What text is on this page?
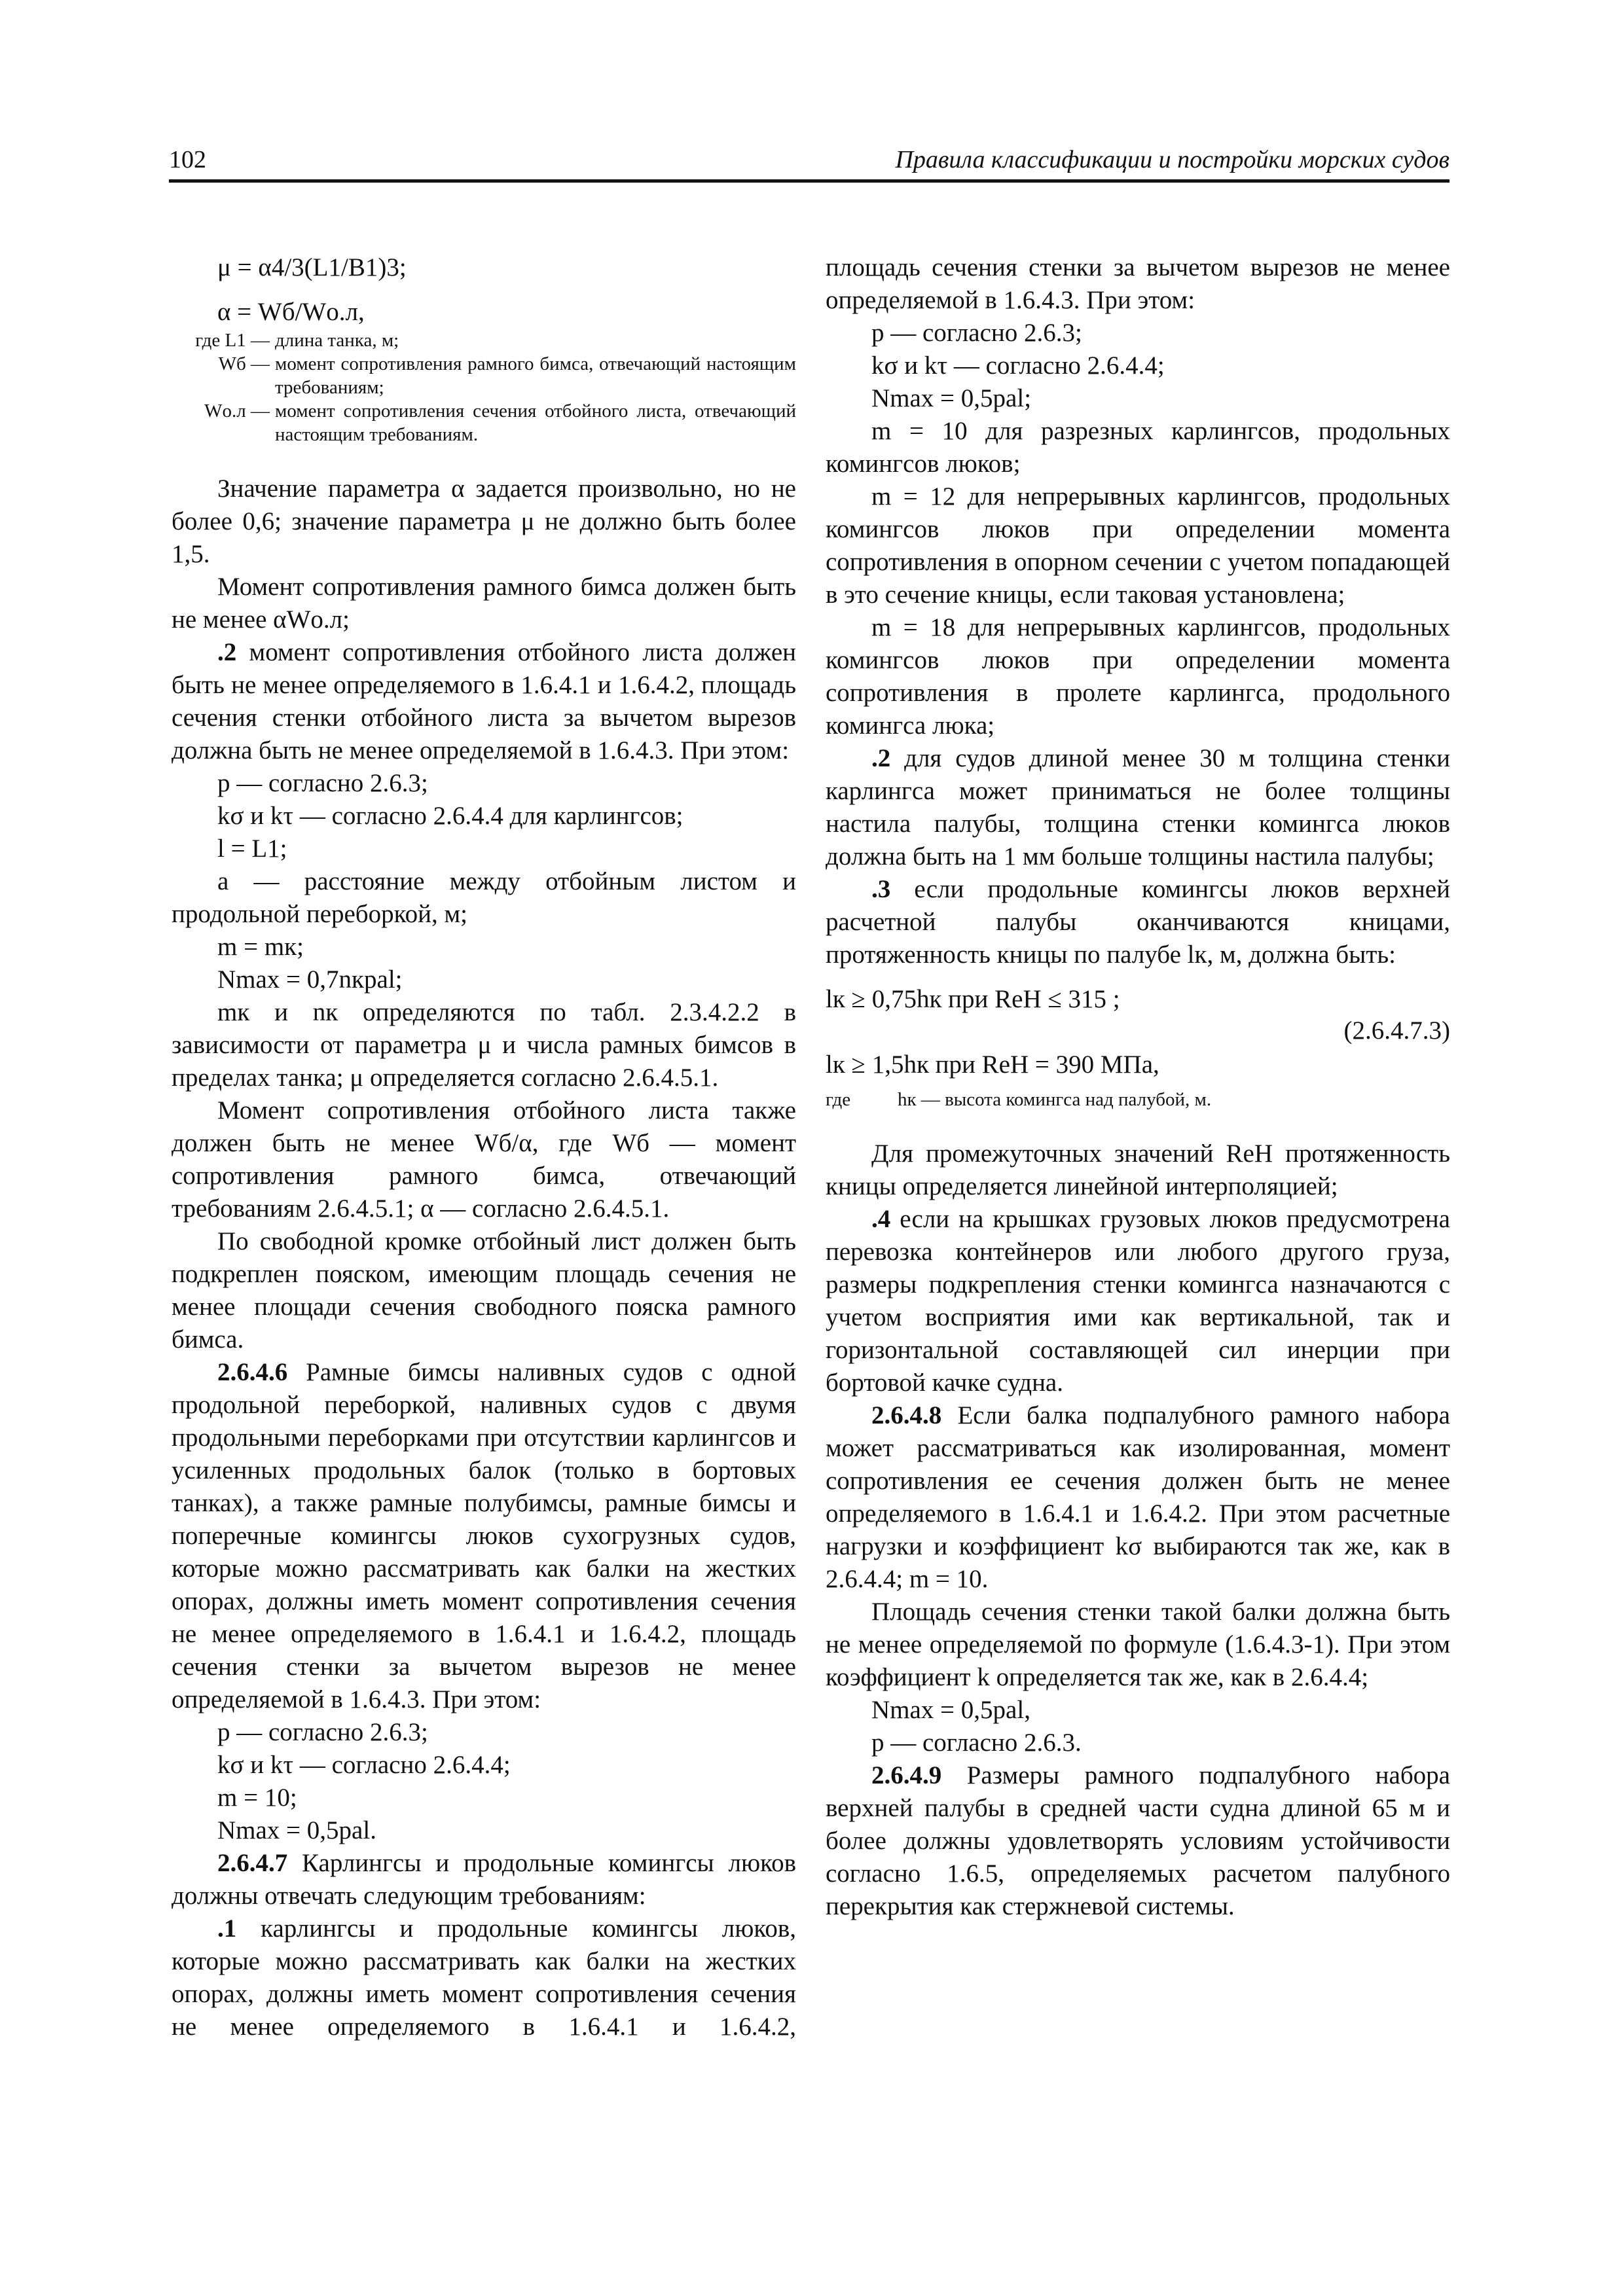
102	Правила классификации и постройки морских судов

μ = α4/3(L1/B1)3;

α = Wб/Wо.л,

где L1 — длина танка, м;
Wб — момент сопротивления рамного бимса, отвечающий настоящим требованиям;
Wо.л — момент сопротивления сечения отбойного листа, отвечающий настоящим требованиям.

Значение параметра α задается произвольно, но не более 0,6; значение параметра μ не должно быть более 1,5.

Момент сопротивления рамного бимса должен быть не менее αWо.л;

.2 момент сопротивления отбойного листа должен быть не менее определяемого в 1.6.4.1 и 1.6.4.2, площадь сечения стенки отбойного листа за вычетом вырезов должна быть не менее определяемой в 1.6.4.3. При этом:

p — согласно 2.6.3;

kσ и kτ — согласно 2.6.4.4 для карлингсов;

l = L1;

a — расстояние между отбойным листом и продольной переборкой, м;

m = mк;

Nmax = 0,7nкpal;

mк и nк определяются по табл. 2.3.4.2.2 в зависимости от параметра μ и числа рамных бимсов в пределах танка; μ определяется согласно 2.6.4.5.1.

Момент сопротивления отбойного листа также должен быть не менее Wб/α, где Wб — момент сопротивления рамного бимса, отвечающий требованиям 2.6.4.5.1; α — согласно 2.6.4.5.1.

По свободной кромке отбойный лист должен быть подкреплен пояском, имеющим площадь сечения не менее площади сечения свободного пояска рамного бимса.

2.6.4.6 Рамные бимсы наливных судов с одной продольной переборкой, наливных судов с двумя продольными переборками при отсутствии карлингсов и усиленных продольных балок (только в бортовых танках), а также рамные полубимсы, рамные бимсы и поперечные комингсы люков сухогрузных судов, которые можно рассматривать как балки на жестких опорах, должны иметь момент сопротивления сечения не менее определяемого в 1.6.4.1 и 1.6.4.2, площадь сечения стенки за вычетом вырезов не менее определяемой в 1.6.4.3. При этом:

p — согласно 2.6.3;

kσ и kτ — согласно 2.6.4.4;

m = 10;

Nmax = 0,5pal.

2.6.4.7 Карлингсы и продольные комингсы люков должны отвечать следующим требованиям:

.1 карлингсы и продольные комингсы люков, которые можно рассматривать как балки на жестких опорах, должны иметь момент сопротивления сечения не менее определяемого в 1.6.4.1 и 1.6.4.2,

площадь сечения стенки за вычетом вырезов не менее определяемой в 1.6.4.3. При этом:

p — согласно 2.6.3;

kσ и kτ — согласно 2.6.4.4;

Nmax = 0,5pal;

m = 10 для разрезных карлингсов, продольных комингсов люков;

m = 12 для непрерывных карлингсов, продольных комингсов люков при определении момента сопротивления в опорном сечении с учетом попадающей в это сечение кницы, если таковая установлена;

m = 18 для непрерывных карлингсов, продольных комингсов люков при определении момента сопротивления в пролете карлингса, продольного комингса люка;

.2 для судов длиной менее 30 м толщина стенки карлингса может приниматься не более толщины настила палубы, толщина стенки комингса люков должна быть на 1 мм больше толщины настила палубы;

.3 если продольные комингсы люков верхней расчетной палубы оканчиваются кницами, протяженность кницы по палубе lк, м, должна быть:

lк ≥ 0,75hк при ReH ≤ 315 ;

(2.6.4.7.3)

lк ≥ 1,5hк при ReH = 390 МПа,

где	hк — высота комингса над палубой, м.

Для промежуточных значений ReH протяженность кницы определяется линейной интерполяцией;

.4 если на крышках грузовых люков предусмотрена перевозка контейнеров или любого другого груза, размеры подкрепления стенки комингса назначаются с учетом восприятия ими как вертикальной, так и горизонтальной составляющей сил инерции при бортовой качке судна.

2.6.4.8 Если балка подпалубного рамного набора может рассматриваться как изолированная, момент сопротивления ее сечения должен быть не менее определяемого в 1.6.4.1 и 1.6.4.2. При этом расчетные нагрузки и коэффициент kσ выбираются так же, как в 2.6.4.4; m = 10.

Площадь сечения стенки такой балки должна быть не менее определяемой по формуле (1.6.4.3-1). При этом коэффициент k определяется так же, как в 2.6.4.4;

Nmax = 0,5pal,

p — согласно 2.6.3.

2.6.4.9 Размеры рамного подпалубного набора верхней палубы в средней части судна длиной 65 м и более должны удовлетворять условиям устойчивости согласно 1.6.5, определяемых расчетом палубного перекрытия как стержневой системы.
